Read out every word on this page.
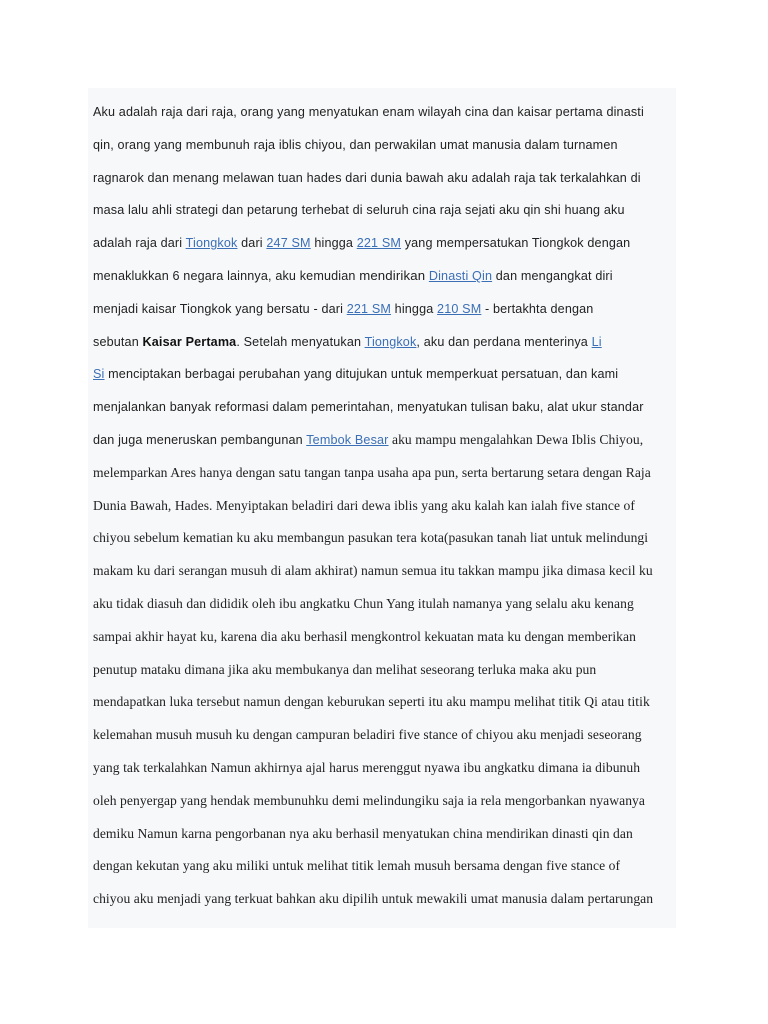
Aku adalah raja dari raja, orang yang menyatukan enam wilayah cina dan kaisar pertama dinasti
qin, orang yang membunuh raja iblis chiyou, dan perwakilan umat manusia dalam turnamen
ragnarok dan menang melawan tuan hades dari dunia bawah aku adalah raja tak terkalahkan di
masa lalu ahli strategi dan petarung terhebat di seluruh cina raja sejati aku qin shi huang aku
adalah raja dari Tiongkok dari 247 SM hingga 221 SM yang mempersatukan Tiongkok dengan
menaklukkan 6 negara lainnya, aku kemudian mendirikan Dinasti Qin dan mengangkat diri
menjadi kaisar Tiongkok yang bersatu - dari 221 SM hingga 210 SM - bertakhta dengan
sebutan Kaisar Pertama. Setelah menyatukan Tiongkok, aku dan perdana menterinya Li
Si menciptakan berbagai perubahan yang ditujukan untuk memperkuat persatuan, dan kami
menjalankan banyak reformasi dalam pemerintahan, menyatukan tulisan baku, alat ukur standar
dan juga meneruskan pembangunan Tembok Besar aku mampu mengalahkan Dewa Iblis Chiyou,
melemparkan Ares hanya dengan satu tangan tanpa usaha apa pun, serta bertarung setara dengan Raja
Dunia Bawah, Hades. Menyiptakan beladiri dari dewa iblis yang aku kalah kan ialah five stance of
chiyou sebelum kematian ku aku membangun pasukan tera kota(pasukan tanah liat untuk melindungi
makam ku dari serangan musuh di alam akhirat) namun semua itu takkan mampu jika dimasa kecil ku
aku tidak diasuh dan dididik oleh ibu angkatku Chun Yang itulah namanya yang selalu aku kenang
sampai akhir hayat ku, karena dia aku berhasil mengkontrol kekuatan mata ku dengan memberikan
penutup mataku dimana jika aku membukanya dan melihat seseorang terluka maka aku pun
mendapatkan luka tersebut namun dengan keburukan seperti itu aku mampu melihat titik Qi atau titik
kelemahan musuh musuh ku dengan campuran beladiri five stance of chiyou aku menjadi seseorang
yang tak terkalahkan Namun akhirnya ajal harus merenggut nyawa ibu angkatku dimana ia dibunuh
oleh penyergap yang hendak membunuhku demi melindungiku saja ia rela mengorbankan nyawanya
demiku Namun karna pengorbanan nya aku berhasil menyatukan china mendirikan dinasti qin dan
dengan kekutan yang aku miliki untuk melihat titik lemah musuh bersama dengan five stance of
chiyou aku menjadi yang terkuat bahkan aku dipilih untuk mewakili umat manusia dalam pertarungan
